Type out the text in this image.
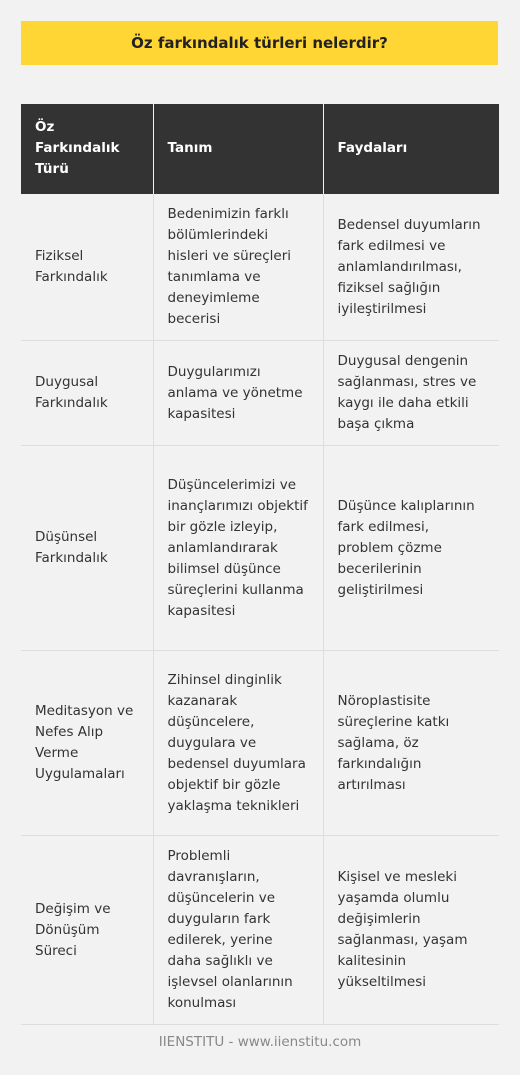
Öz farkındalık türleri nelerdir?
Öz Farkındalık Türü	Tanım	Faydaları
Fiziksel Farkındalık	Bedenimizin farklı bölümlerindeki hisleri ve süreçleri tanımlama ve deneyimleme becerisi	Bedensel duyumların fark edilmesi ve anlamlandırılması, fiziksel sağlığın iyileştirilmesi
Duygusal Farkındalık	Duygularımızı anlama ve yönetme kapasitesi	Duygusal dengenin sağlanması, stres ve kaygı ile daha etkili başa çıkma
Düşünsel Farkındalık	Düşüncelerimizi ve inançlarımızı objektif bir gözle izleyip, anlamlandırarak bilimsel düşünce süreçlerini kullanma kapasitesi	Düşünce kalıplarının fark edilmesi, problem çözme becerilerinin geliştirilmesi
Meditasyon ve Nefes Alıp Verme Uygulamaları	Zihinsel dinginlik kazanarak düşüncelere, duygulara ve bedensel duyumlara objektif bir gözle yaklaşma teknikleri	Nöroplastisite süreçlerine katkı sağlama, öz farkındalığın artırılması
Değişim ve Dönüşüm Süreci	Problemli davranışların, düşüncelerin ve duyguların fark edilerek, yerine daha sağlıklı ve işlevsel olanlarının konulması	Kişisel ve mesleki yaşamda olumlu değişimlerin sağlanması, yaşam kalitesinin yükseltilmesi
IIENSTITU - www.iienstitu.com
